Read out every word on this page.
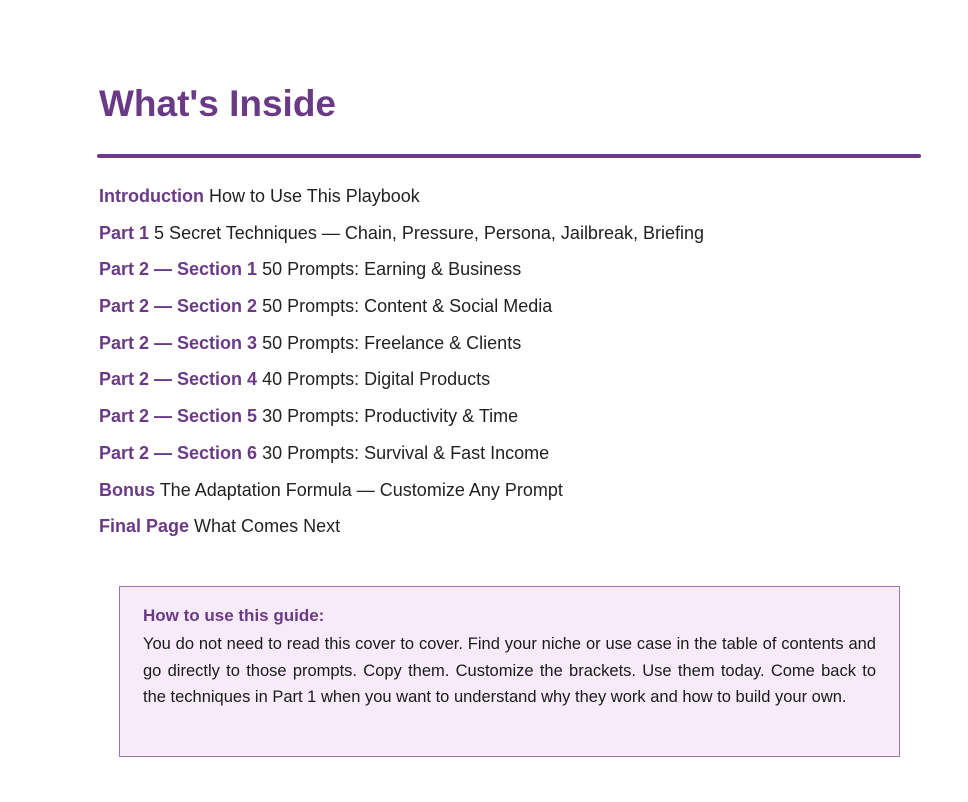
What's Inside
Introduction How to Use This Playbook
Part 1 5 Secret Techniques — Chain, Pressure, Persona, Jailbreak, Briefing
Part 2 — Section 1 50 Prompts: Earning & Business
Part 2 — Section 2 50 Prompts: Content & Social Media
Part 2 — Section 3 50 Prompts: Freelance & Clients
Part 2 — Section 4 40 Prompts: Digital Products
Part 2 — Section 5 30 Prompts: Productivity & Time
Part 2 — Section 6 30 Prompts: Survival & Fast Income
Bonus The Adaptation Formula — Customize Any Prompt
Final Page What Comes Next
How to use this guide:

You do not need to read this cover to cover. Find your niche or use case in the table of contents and go directly to those prompts. Copy them. Customize the brackets. Use them today. Come back to the techniques in Part 1 when you want to understand why they work and how to build your own.
